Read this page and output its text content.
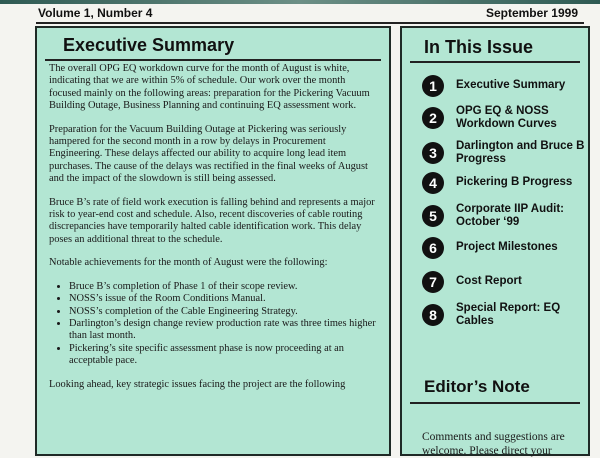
Volume 1, Number 4	September 1999
Executive Summary

The overall OPG EQ workdown curve for the month of August is white, indicating that we are within 5% of schedule. Our work over the month focused mainly on the following areas: preparation for the Pickering Vacuum Building Outage, Business Planning and continuing EQ assessment work.

Preparation for the Vacuum Building Outage at Pickering was seriously hampered for the second month in a row by delays in Procurement Engineering. These delays affected our ability to acquire long lead item purchases. The cause of the delays was rectified in the final weeks of August and the impact of the slowdown is still being assessed.

Bruce B’s rate of field work execution is falling behind and represents a major risk to year-end cost and schedule. Also, recent discoveries of cable routing discrepancies have temporarily halted cable identification work. This delay poses an additional threat to the schedule.

Notable achievements for the month of August were the following:

• Bruce B’s completion of Phase 1 of their scope review.
• NOSS’s issue of the Room Conditions Manual.
• NOSS’s completion of the Cable Engineering Strategy.
• Darlington’s design change review production rate was three times higher than last month.
• Pickering’s site specific assessment phase is now proceeding at an acceptable pace.

Looking ahead, key strategic issues facing the project are the following

In This Issue
1	Executive Summary
2	OPG EQ & NOSS Workdown Curves
3	Darlington and Bruce B Progress
4	Pickering B Progress
5	Corporate IIP Audit: October ‘99
6	Project Milestones
7	Cost Report
8	Special Report: EQ Cables
Editor’s Note
Comments and suggestions are welcome. Please direct your
